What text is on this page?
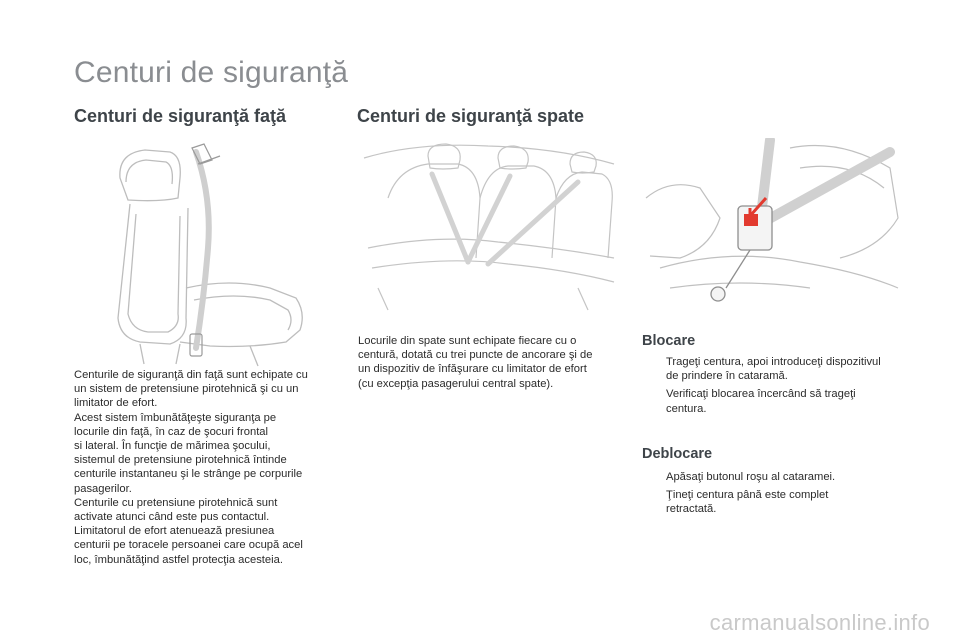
Centuri de siguranţă
Centuri de siguranţă faţă	Centuri de siguranţă spate

Centurile de siguranţă din faţă sunt echipate cu
un sistem de pretensiune pirotehnică şi cu un
limitator de efort.
Acest sistem îmbunătăţeşte siguranţa pe
locurile din faţă, în caz de şocuri frontal
si lateral. În funcţie de mărimea şocului,
sistemul de pretensiune pirotehnică întinde
centurile instantaneu şi le strânge pe corpurile
pasagerilor.
Centurile cu pretensiune pirotehnică sunt
activate atunci când este pus contactul.
Limitatorul de efort atenuează presiunea
centurii pe toracele persoanei care ocupă acel
loc, îmbunătăţind astfel protecţia acesteia.

Locurile din spate sunt echipate fiecare cu o
centură, dotată cu trei puncte de ancorare şi de
un dispozitiv de înfăşurare cu limitator de efort
(cu excepţia pasagerului central spate).

Blocare
Trageţi centura, apoi introduceţi dispozitivul
de prindere în cataramă.
Verificaţi blocarea încercând să trageţi
centura.
Deblocare
Apăsaţi butonul roşu al cataramei.
Ţineţi centura până este complet
retractată.
carmanualsonline.info
